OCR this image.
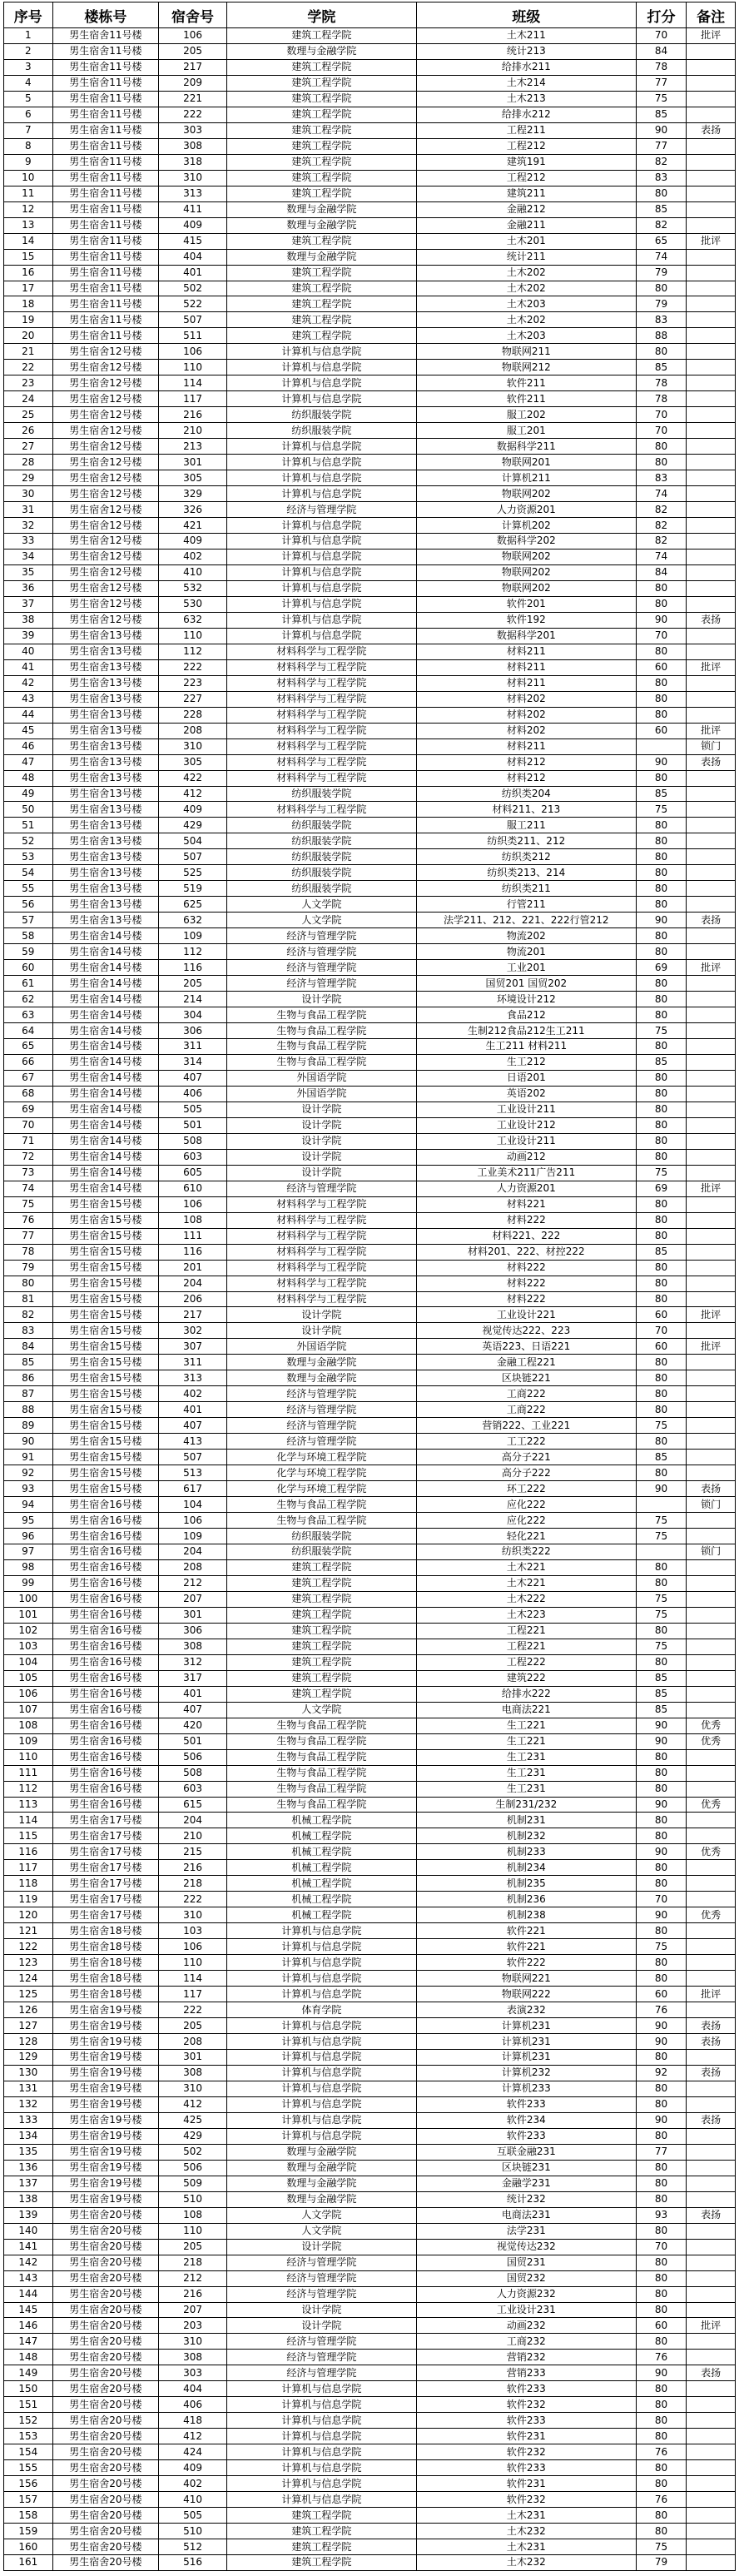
序号	楼栋号	宿舍号	学院	班级	打分	备注
1	男生宿舍11号楼	106	建筑工程学院	土木211	70	批评
2	男生宿舍11号楼	205	数理与金融学院	统计213	84	
3	男生宿舍11号楼	217	建筑工程学院	给排水211	78	
4	男生宿舍11号楼	209	建筑工程学院	土木214	77	
5	男生宿舍11号楼	221	建筑工程学院	土木213	75	
6	男生宿舍11号楼	222	建筑工程学院	给排水212	85	
7	男生宿舍11号楼	303	建筑工程学院	工程211	90	表扬
8	男生宿舍11号楼	308	建筑工程学院	工程212	77	
9	男生宿舍11号楼	318	建筑工程学院	建筑191	82	
10	男生宿舍11号楼	310	建筑工程学院	工程212	83	
11	男生宿舍11号楼	313	建筑工程学院	建筑211	80	
12	男生宿舍11号楼	411	数理与金融学院	金融212	85	
13	男生宿舍11号楼	409	数理与金融学院	金融211	82	
14	男生宿舍11号楼	415	建筑工程学院	土木201	65	批评
15	男生宿舍11号楼	404	数理与金融学院	统计211	74	
16	男生宿舍11号楼	401	建筑工程学院	土木202	79	
17	男生宿舍11号楼	502	建筑工程学院	土木202	80	
18	男生宿舍11号楼	522	建筑工程学院	土木203	79	
19	男生宿舍11号楼	507	建筑工程学院	土木202	83	
20	男生宿舍11号楼	511	建筑工程学院	土木203	88	
21	男生宿舍12号楼	106	计算机与信息学院	物联网211	80	
22	男生宿舍12号楼	110	计算机与信息学院	物联网212	85	
23	男生宿舍12号楼	114	计算机与信息学院	软件211	78	
24	男生宿舍12号楼	117	计算机与信息学院	软件211	78	
25	男生宿舍12号楼	216	纺织服装学院	服工202	70	
26	男生宿舍12号楼	210	纺织服装学院	服工201	70	
27	男生宿舍12号楼	213	计算机与信息学院	数据科学211	80	
28	男生宿舍12号楼	301	计算机与信息学院	物联网201	80	
29	男生宿舍12号楼	305	计算机与信息学院	计算机211	83	
30	男生宿舍12号楼	329	计算机与信息学院	物联网202	74	
31	男生宿舍12号楼	326	经济与管理学院	人力资源201	82	
32	男生宿舍12号楼	421	计算机与信息学院	计算机202	82	
33	男生宿舍12号楼	409	计算机与信息学院	数据科学202	82	
34	男生宿舍12号楼	402	计算机与信息学院	物联网202	74	
35	男生宿舍12号楼	410	计算机与信息学院	物联网202	84	
36	男生宿舍12号楼	532	计算机与信息学院	物联网202	80	
37	男生宿舍12号楼	530	计算机与信息学院	软件201	80	
38	男生宿舍12号楼	632	计算机与信息学院	软件192	90	表扬
39	男生宿舍13号楼	110	计算机与信息学院	数据科学201	70	
40	男生宿舍13号楼	112	材料科学与工程学院	材料211	80	
41	男生宿舍13号楼	222	材料科学与工程学院	材料211	60	批评
42	男生宿舍13号楼	223	材料科学与工程学院	材料211	80	
43	男生宿舍13号楼	227	材料科学与工程学院	材料202	80	
44	男生宿舍13号楼	228	材料科学与工程学院	材料202	80	
45	男生宿舍13号楼	208	材料科学与工程学院	材料202	60	批评
46	男生宿舍13号楼	310	材料科学与工程学院	材料211		锁门
47	男生宿舍13号楼	305	材料科学与工程学院	材料212	90	表扬
48	男生宿舍13号楼	422	材料科学与工程学院	材料212	80	
49	男生宿舍13号楼	412	纺织服装学院	纺织类204	85	
50	男生宿舍13号楼	409	材料科学与工程学院	材料211、213	75	
51	男生宿舍13号楼	429	纺织服装学院	服工211	80	
52	男生宿舍13号楼	504	纺织服装学院	纺织类211、212	80	
53	男生宿舍13号楼	507	纺织服装学院	纺织类212	80	
54	男生宿舍13号楼	525	纺织服装学院	纺织类213、214	80	
55	男生宿舍13号楼	519	纺织服装学院	纺织类211	80	
56	男生宿舍13号楼	625	人文学院	行管211	80	
57	男生宿舍13号楼	632	人文学院	法学211、212、221、222行管212	90	表扬
58	男生宿舍14号楼	109	经济与管理学院	物流202	80	
59	男生宿舍14号楼	112	经济与管理学院	物流201	80	
60	男生宿舍14号楼	116	经济与管理学院	工业201	69	批评
61	男生宿舍14号楼	205	经济与管理学院	国贸201 国贸202	80	
62	男生宿舍14号楼	214	设计学院	环境设计212	80	
63	男生宿舍14号楼	304	生物与食品工程学院	食品212	80	
64	男生宿舍14号楼	306	生物与食品工程学院	生制212食品212生工211	75	
65	男生宿舍14号楼	311	生物与食品工程学院	生工211 材料211	80	
66	男生宿舍14号楼	314	生物与食品工程学院	生工212	85	
67	男生宿舍14号楼	407	外国语学院	日语201	80	
68	男生宿舍14号楼	406	外国语学院	英语202	80	
69	男生宿舍14号楼	505	设计学院	工业设计211	80	
70	男生宿舍14号楼	501	设计学院	工业设计212	80	
71	男生宿舍14号楼	508	设计学院	工业设计211	80	
72	男生宿舍14号楼	603	设计学院	动画212	80	
73	男生宿舍14号楼	605	设计学院	工业美术211广告211	75	
74	男生宿舍14号楼	610	经济与管理学院	人力资源201	69	批评
75	男生宿舍15号楼	106	材料科学与工程学院	材料221	80	
76	男生宿舍15号楼	108	材料科学与工程学院	材料222	80	
77	男生宿舍15号楼	111	材料科学与工程学院	材料221、222	80	
78	男生宿舍15号楼	116	材料科学与工程学院	材料201、222、材控222	85	
79	男生宿舍15号楼	201	材料科学与工程学院	材料222	80	
80	男生宿舍15号楼	204	材料科学与工程学院	材料222	80	
81	男生宿舍15号楼	206	材料科学与工程学院	材料222	80	
82	男生宿舍15号楼	217	设计学院	工业设计221	60	批评
83	男生宿舍15号楼	302	设计学院	视觉传达222、223	70	
84	男生宿舍15号楼	307	外国语学院	英语223、日语221	60	批评
85	男生宿舍15号楼	311	数理与金融学院	金融工程221	80	
86	男生宿舍15号楼	313	数理与金融学院	区块链221	80	
87	男生宿舍15号楼	402	经济与管理学院	工商222	80	
88	男生宿舍15号楼	401	经济与管理学院	工商222	80	
89	男生宿舍15号楼	407	经济与管理学院	营销222、工业221	75	
90	男生宿舍15号楼	413	经济与管理学院	工工222	80	
91	男生宿舍15号楼	507	化学与环境工程学院	高分子221	85	
92	男生宿舍15号楼	513	化学与环境工程学院	高分子222	80	
93	男生宿舍15号楼	617	化学与环境工程学院	环工222	90	表扬
94	男生宿舍16号楼	104	生物与食品工程学院	应化222		锁门
95	男生宿舍16号楼	106	生物与食品工程学院	应化222	75	
96	男生宿舍16号楼	109	纺织服装学院	轻化221	75	
97	男生宿舍16号楼	204	纺织服装学院	纺织类222		锁门
98	男生宿舍16号楼	208	建筑工程学院	土木221	80	
99	男生宿舍16号楼	212	建筑工程学院	土木221	80	
100	男生宿舍16号楼	207	建筑工程学院	土木222	75	
101	男生宿舍16号楼	301	建筑工程学院	土木223	75	
102	男生宿舍16号楼	306	建筑工程学院	工程221	80	
103	男生宿舍16号楼	308	建筑工程学院	工程221	75	
104	男生宿舍16号楼	312	建筑工程学院	工程222	80	
105	男生宿舍16号楼	317	建筑工程学院	建筑222	85	
106	男生宿舍16号楼	401	建筑工程学院	给排水222	85	
107	男生宿舍16号楼	407	人文学院	电商法221	85	
108	男生宿舍16号楼	420	生物与食品工程学院	生工221	90	优秀
109	男生宿舍16号楼	501	生物与食品工程学院	生工221	90	优秀
110	男生宿舍16号楼	506	生物与食品工程学院	生工231	80	
111	男生宿舍16号楼	508	生物与食品工程学院	生工231	80	
112	男生宿舍16号楼	603	生物与食品工程学院	生工231	80	
113	男生宿舍16号楼	615	生物与食品工程学院	生制231/232	90	优秀
114	男生宿舍17号楼	204	机械工程学院	机制231	80	
115	男生宿舍17号楼	210	机械工程学院	机制232	80	
116	男生宿舍17号楼	215	机械工程学院	机制233	90	优秀
117	男生宿舍17号楼	216	机械工程学院	机制234	80	
118	男生宿舍17号楼	218	机械工程学院	机制235	80	
119	男生宿舍17号楼	222	机械工程学院	机制236	70	
120	男生宿舍17号楼	310	机械工程学院	机制238	90	优秀
121	男生宿舍18号楼	103	计算机与信息学院	软件221	80	
122	男生宿舍18号楼	106	计算机与信息学院	软件221	75	
123	男生宿舍18号楼	110	计算机与信息学院	软件222	80	
124	男生宿舍18号楼	114	计算机与信息学院	物联网221	80	
125	男生宿舍18号楼	117	计算机与信息学院	物联网222	60	批评
126	男生宿舍19号楼	222	体育学院	表演232	76	
127	男生宿舍19号楼	205	计算机与信息学院	计算机231	90	表扬
128	男生宿舍19号楼	208	计算机与信息学院	计算机231	90	表扬
129	男生宿舍19号楼	301	计算机与信息学院	计算机231	80	
130	男生宿舍19号楼	308	计算机与信息学院	计算机232	92	表扬
131	男生宿舍19号楼	310	计算机与信息学院	计算机233	80	
132	男生宿舍19号楼	412	计算机与信息学院	软件233	80	
133	男生宿舍19号楼	425	计算机与信息学院	软件234	90	表扬
134	男生宿舍19号楼	429	计算机与信息学院	软件233	80	
135	男生宿舍19号楼	502	数理与金融学院	互联金融231	77	
136	男生宿舍19号楼	506	数理与金融学院	区块链231	80	
137	男生宿舍19号楼	509	数理与金融学院	金融学231	80	
138	男生宿舍19号楼	510	数理与金融学院	统计232	80	
139	男生宿舍20号楼	108	人文学院	电商法231	93	表扬
140	男生宿舍20号楼	110	人文学院	法学231	80	
141	男生宿舍20号楼	205	设计学院	视觉传达232	70	
142	男生宿舍20号楼	218	经济与管理学院	国贸231	80	
143	男生宿舍20号楼	212	经济与管理学院	国贸232	80	
144	男生宿舍20号楼	216	经济与管理学院	人力资源232	80	
145	男生宿舍20号楼	207	设计学院	工业设计231	80	
146	男生宿舍20号楼	203	设计学院	动画232	60	批评
147	男生宿舍20号楼	310	经济与管理学院	工商232	80	
148	男生宿舍20号楼	308	经济与管理学院	营销232	76	
149	男生宿舍20号楼	303	经济与管理学院	营销233	90	表扬
150	男生宿舍20号楼	404	计算机与信息学院	软件233	80	
151	男生宿舍20号楼	406	计算机与信息学院	软件232	80	
152	男生宿舍20号楼	418	计算机与信息学院	软件233	80	
153	男生宿舍20号楼	412	计算机与信息学院	软件231	80	
154	男生宿舍20号楼	424	计算机与信息学院	软件232	76	
155	男生宿舍20号楼	409	计算机与信息学院	软件233	80	
156	男生宿舍20号楼	402	计算机与信息学院	软件231	80	
157	男生宿舍20号楼	410	计算机与信息学院	软件232	76	
158	男生宿舍20号楼	505	建筑工程学院	土木231	80	
159	男生宿舍20号楼	510	建筑工程学院	土木232	80	
160	男生宿舍20号楼	512	建筑工程学院	土木231	75	
161	男生宿舍20号楼	516	建筑工程学院	土木232	79	
